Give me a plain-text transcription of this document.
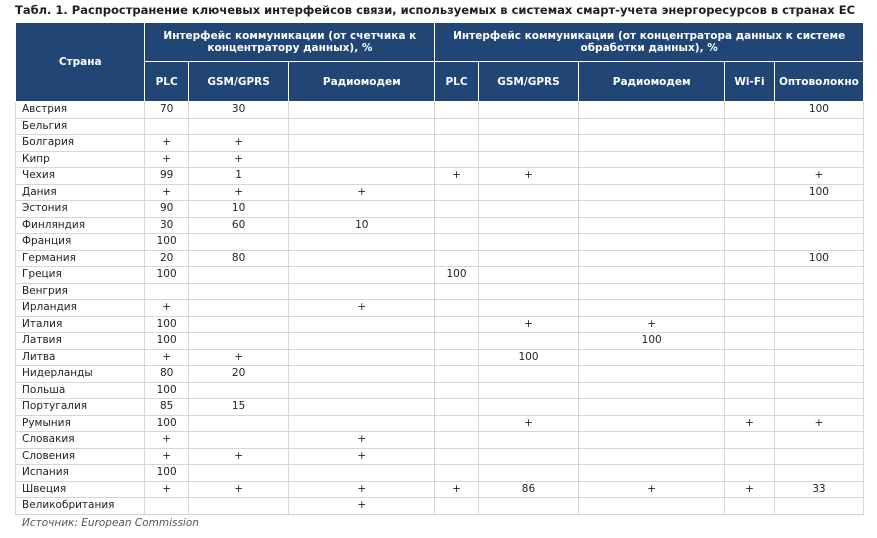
Табл. 1. Распространение ключевых интерфейсов связи, используемых в системах смарт-учета энергоресурсов в странах ЕС
Страна	Интерфейс коммуникации (от счетчика к концентратору данных), %			Интерфейс коммуникации (от концентратора данных к системе обработки данных), %				
	PLC	GSM/GPRS	Радиомодем	PLC	GSM/GPRS	Радиомодем	Wi-Fi	Оптоволокно
Австрия	70	30						100
Бельгия								
Болгария	+	+						
Кипр	+	+						
Чехия	99	1		+	+			+
Дания	+	+	+					100
Эстония	90	10						
Финляндия	30	60	10					
Франция	100							
Германия	20	80						100
Греция	100			100				
Венгрия								
Ирландия	+		+					
Италия	100				+	+		
Латвия	100					100		
Литва	+	+			100			
Нидерланды	80	20						
Польша	100							
Португалия	85	15						
Румыния	100				+		+	+
Словакия	+		+					
Словения	+	+	+					
Испания	100							
Швеция	+	+	+	+	86	+	+	33
Великобритания			+					
Источник: European Commission
